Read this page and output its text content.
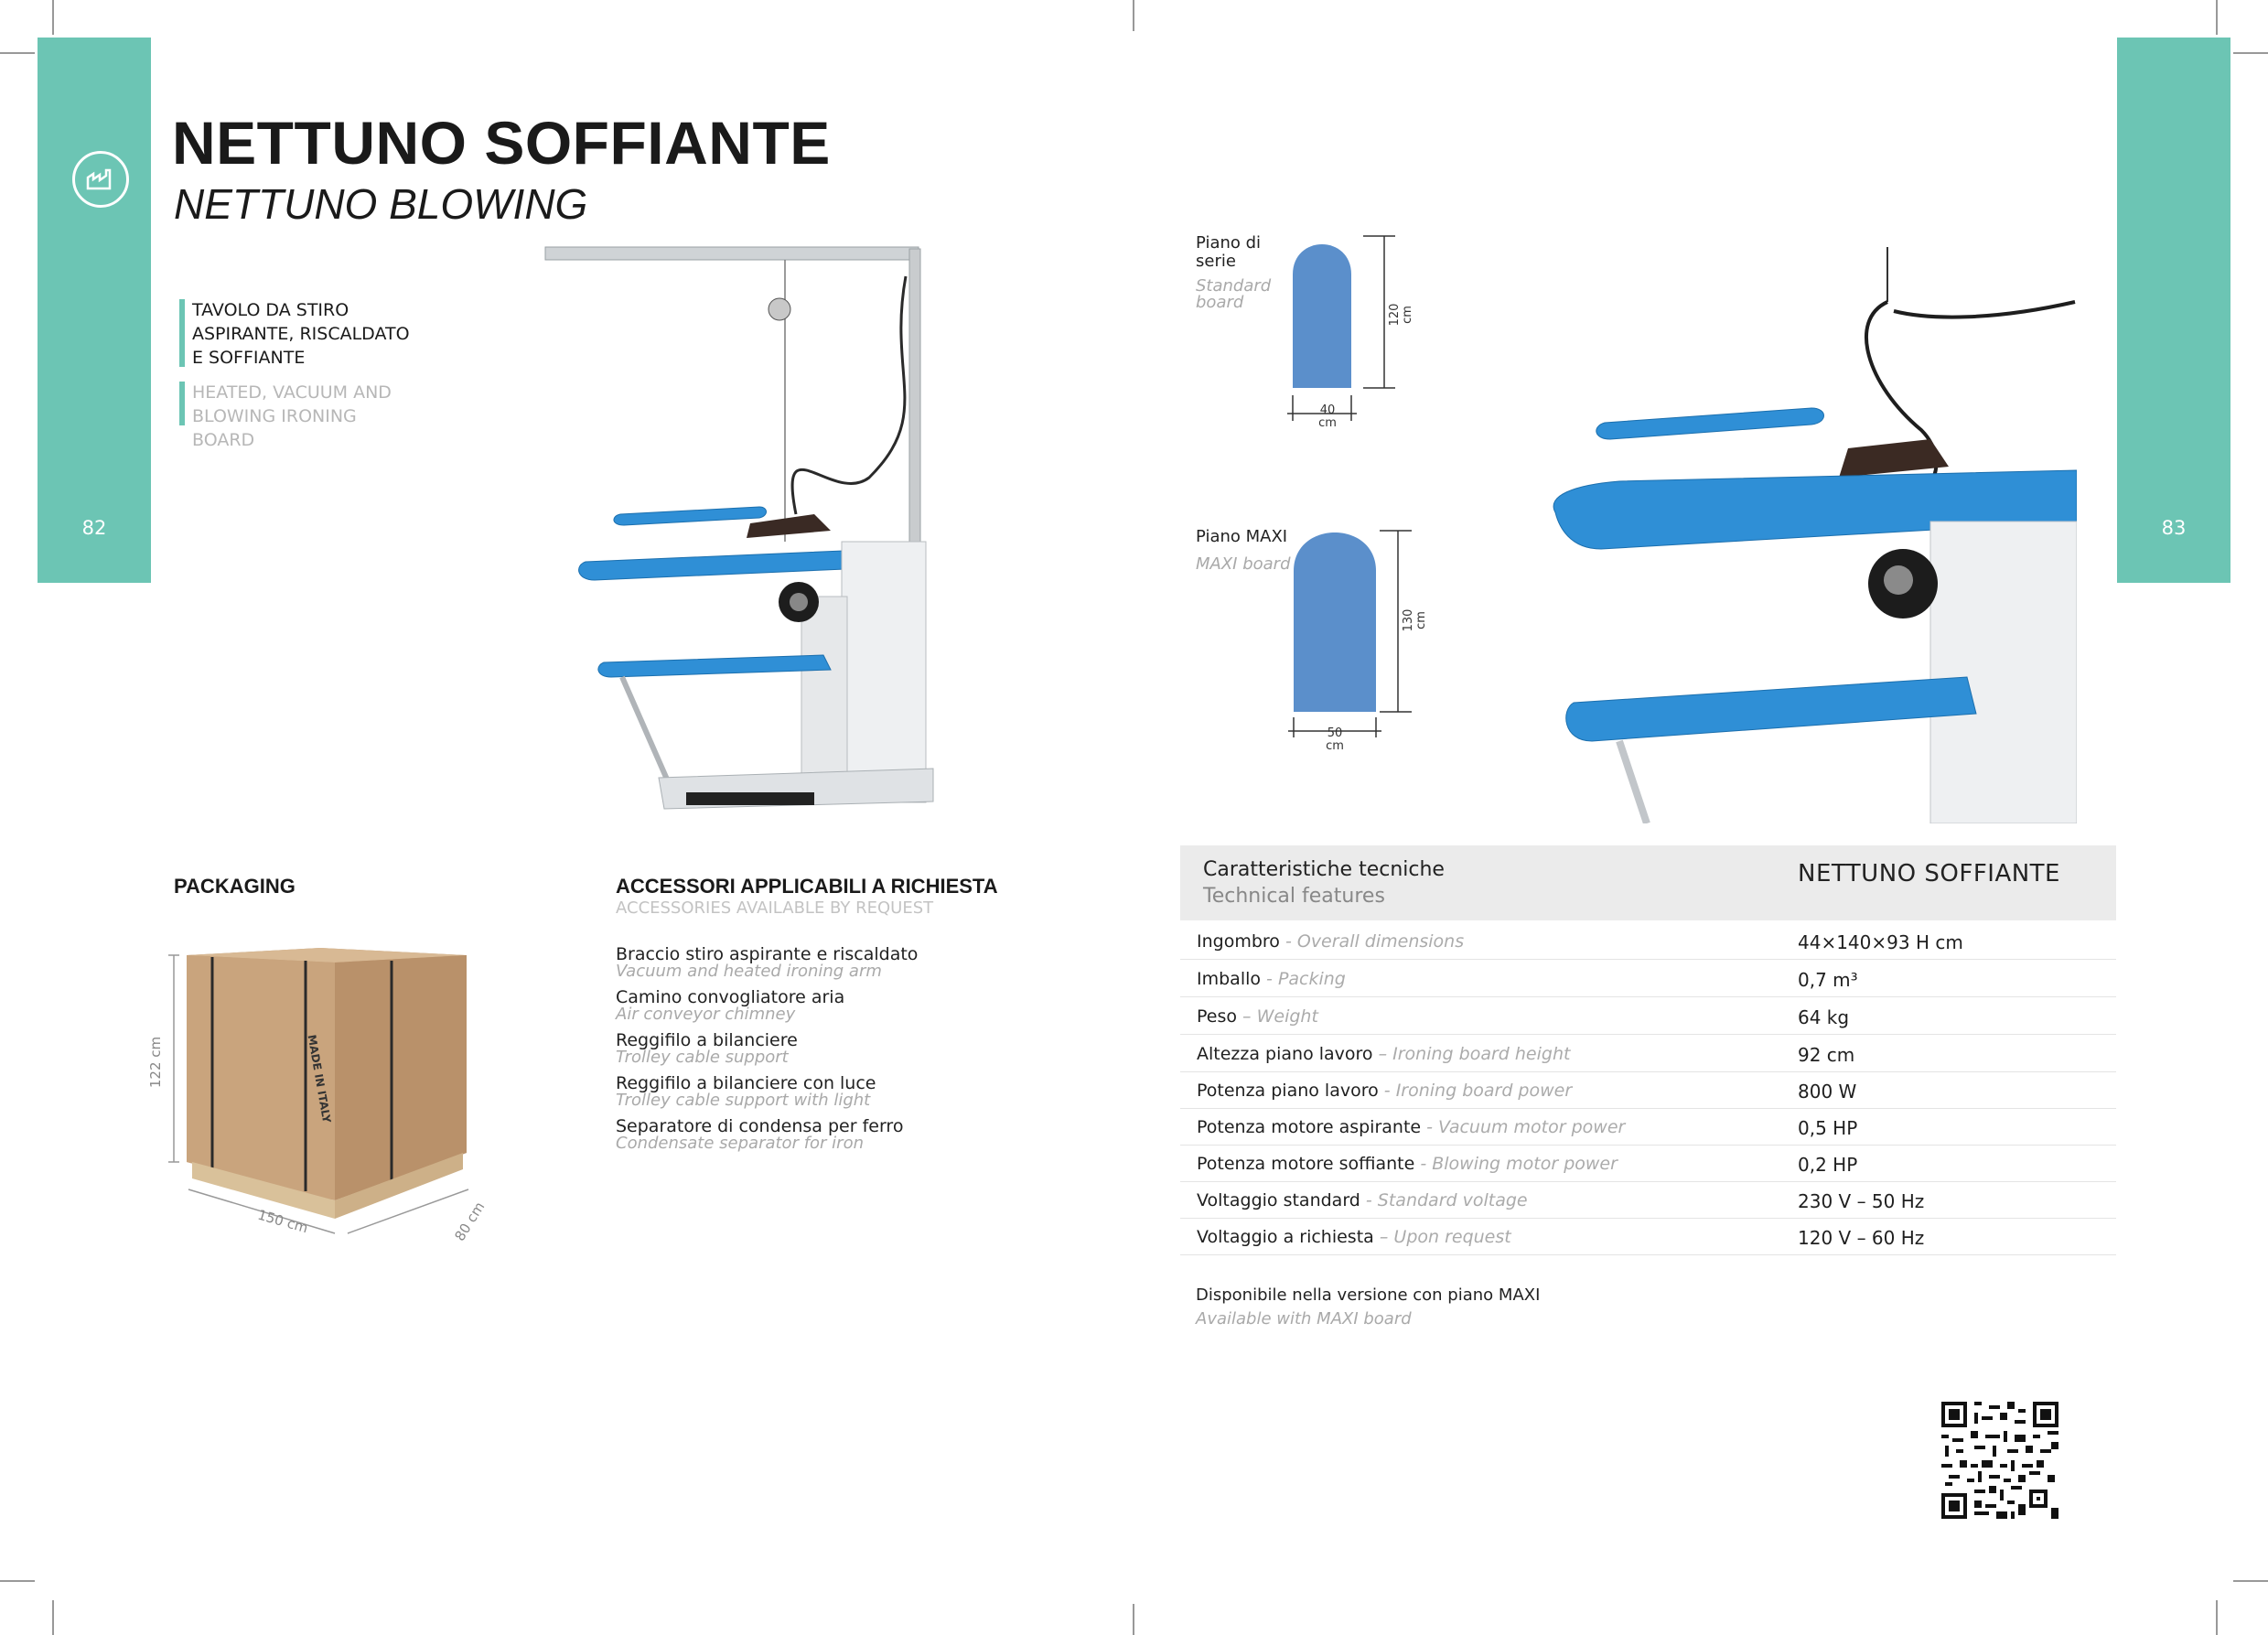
82	83
NETTUNO SOFFIANTE
NETTUNO BLOWING
TAVOLO DA STIRO ASPIRANTE, RISCALDATO E SOFFIANTE
HEATED, VACUUM AND BLOWING IRONING BOARD
Piano di serie
Standard board
120
cm
40
cm
Piano MAXI
MAXI board
130
cm
50
cm
PACKAGING
MADE IN ITALY
122 cm
150 cm	80 cm
ACCESSORI APPLICABILI A RICHIESTA
ACCESSORIES AVAILABLE BY REQUEST
Braccio stiro aspirante e riscaldato
Vacuum and heated ironing arm
Camino convogliatore aria
Air conveyor chimney
Reggifilo a bilanciere
Trolley cable support
Reggifilo a bilanciere con luce
Trolley cable support with light
Separatore di condensa per ferro
Condensate separator for iron
Caratteristiche tecniche
Technical features
NETTUNO SOFFIANTE
Ingombro - Overall dimensions	44×140×93 H cm
Imballo - Packing	0,7 m³
Peso – Weight	64 kg
Altezza piano lavoro – Ironing board height	92 cm
Potenza piano lavoro - Ironing board power	800 W
Potenza motore aspirante - Vacuum motor power	0,5 HP
Potenza motore soffiante - Blowing motor power	0,2 HP
Voltaggio standard - Standard voltage	230 V – 50 Hz
Voltaggio a richiesta – Upon request	120 V – 60 Hz
Disponibile nella versione con piano MAXI
Available with MAXI board
